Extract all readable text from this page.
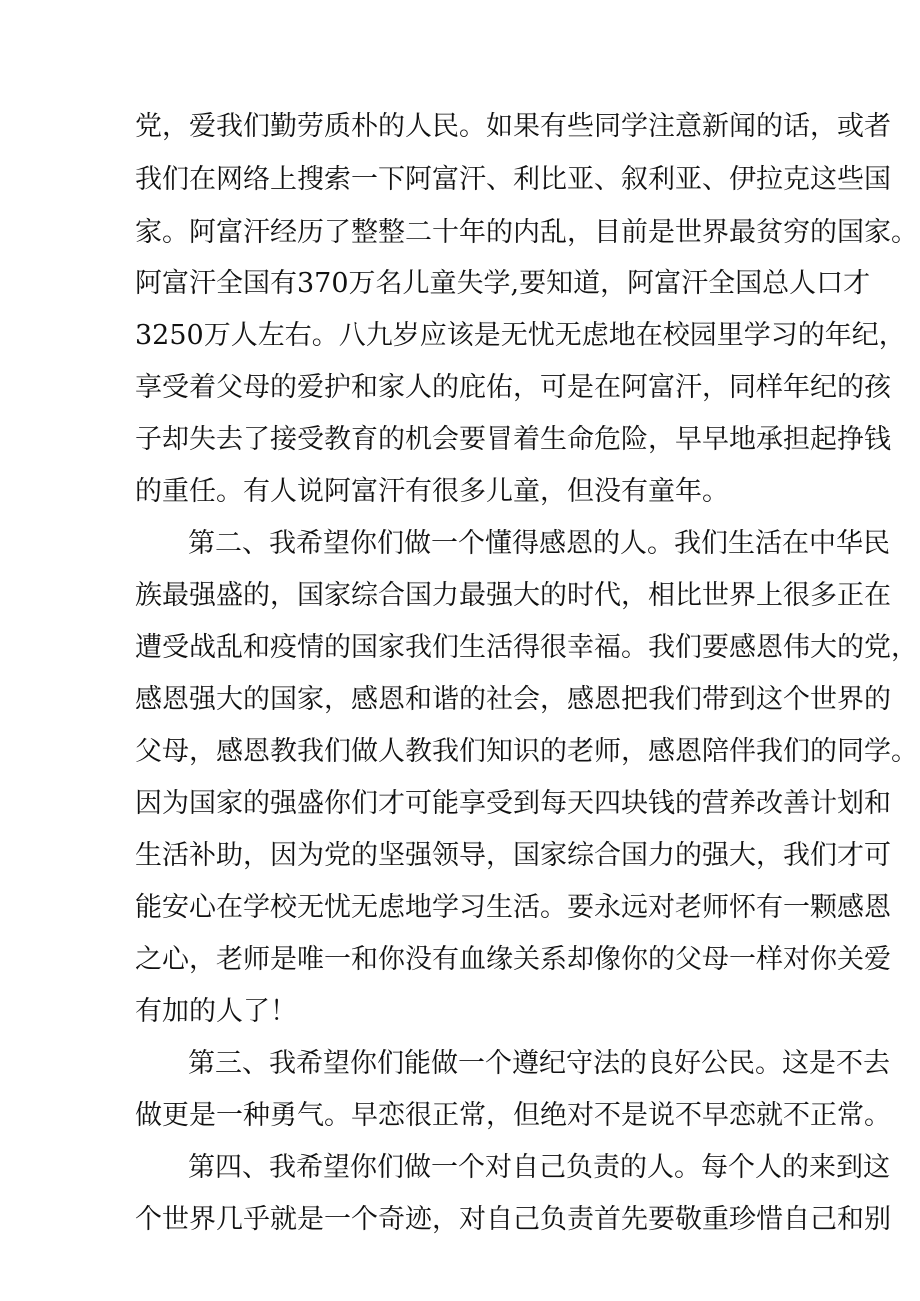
党，爱我们勤劳质朴的人民。如果有些同学注意新闻的话，或者
我们在网络上搜索一下阿富汗、利比亚、叙利亚、伊拉克这些国
家。阿富汗经历了整整二十年的内乱，目前是世界最贫穷的国家。
阿富汗全国有370万名儿童失学,要知道，阿富汗全国总人口才
3250万人左右。八九岁应该是无忧无虑地在校园里学习的年纪，
享受着父母的爱护和家人的庇佑，可是在阿富汗，同样年纪的孩
子却失去了接受教育的机会要冒着生命危险，早早地承担起挣钱
的重任。有人说阿富汗有很多儿童，但没有童年。
第二、我希望你们做一个懂得感恩的人。我们生活在中华民
族最强盛的，国家综合国力最强大的时代，相比世界上很多正在
遭受战乱和疫情的国家我们生活得很幸福。我们要感恩伟大的党，
感恩强大的国家，感恩和谐的社会，感恩把我们带到这个世界的
父母，感恩教我们做人教我们知识的老师，感恩陪伴我们的同学。
因为国家的强盛你们才可能享受到每天四块钱的营养改善计划和
生活补助，因为党的坚强领导，国家综合国力的强大，我们才可
能安心在学校无忧无虑地学习生活。要永远对老师怀有一颗感恩
之心，老师是唯一和你没有血缘关系却像你的父母一样对你关爱
有加的人了！
第三、我希望你们能做一个遵纪守法的良好公民。这是不去
做更是一种勇气。早恋很正常，但绝对不是说不早恋就不正常。
第四、我希望你们做一个对自己负责的人。每个人的来到这
个世界几乎就是一个奇迹，对自己负责首先要敬重珍惜自己和别
